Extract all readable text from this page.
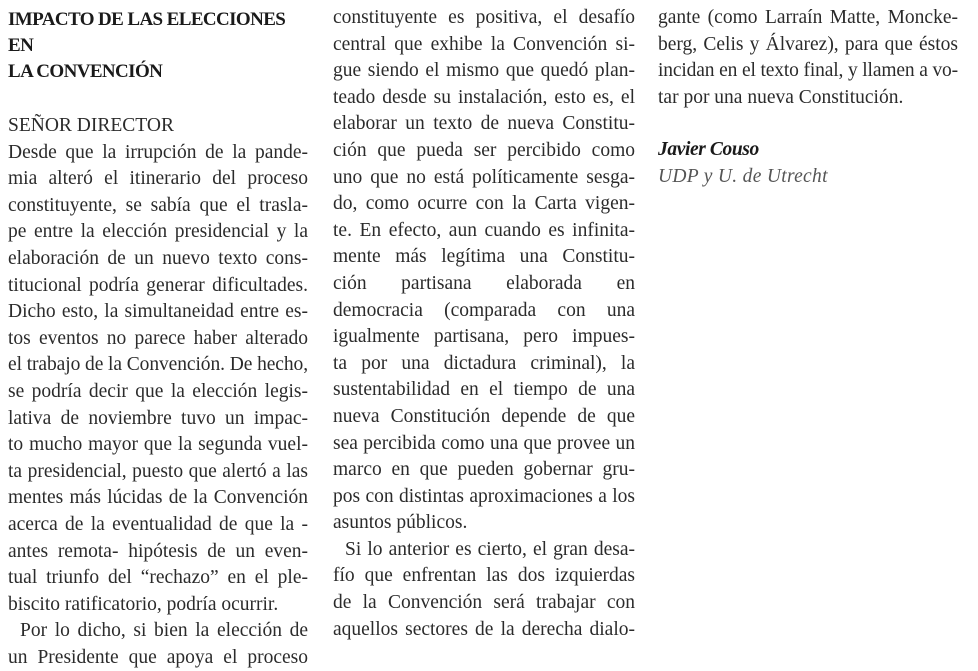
IMPACTO DE LAS ELECCIONES EN
LA CONVENCIÓN
SEÑOR DIRECTOR
Desde que la irrupción de la pande-
mia alteró el itinerario del proceso
constituyente, se sabía que el trasla-
pe entre la elección presidencial y la
elaboración de un nuevo texto cons-
titucional podría generar dificultades.
Dicho esto, la simultaneidad entre es-
tos eventos no parece haber alterado
el trabajo de la Convención. De hecho,
se podría decir que la elección legis-
lativa de noviembre tuvo un impac-
to mucho mayor que la segunda vuel-
ta presidencial, puesto que alertó a las
mentes más lúcidas de la Convención
acerca de la eventualidad de que la -
antes remota- hipótesis de un even-
tual triunfo del “rechazo” en el ple-
biscito ratificatorio, podría ocurrir.
Por lo dicho, si bien la elección de
un Presidente que apoya el proceso
constituyente es positiva, el desafío
central que exhibe la Convención si-
gue siendo el mismo que quedó plan-
teado desde su instalación, esto es, el
elaborar un texto de nueva Constitu-
ción que pueda ser percibido como
uno que no está políticamente sesga-
do, como ocurre con la Carta vigen-
te. En efecto, aun cuando es infinita-
mente más legítima una Constitu-
ción partisana elaborada en
democracia (comparada con una
igualmente partisana, pero impues-
ta por una dictadura criminal), la
sustentabilidad en el tiempo de una
nueva Constitución depende de que
sea percibida como una que provee un
marco en que pueden gobernar gru-
pos con distintas aproximaciones a los
asuntos públicos.
Si lo anterior es cierto, el gran desa-
fío que enfrentan las dos izquierdas
de la Convención será trabajar con
aquellos sectores de la derecha dialo-
gante (como Larraín Matte, Moncke-
berg, Celis y Álvarez), para que éstos
incidan en el texto final, y llamen a vo-
tar por una nueva Constitución.
Javier Couso
UDP y U. de Utrecht
